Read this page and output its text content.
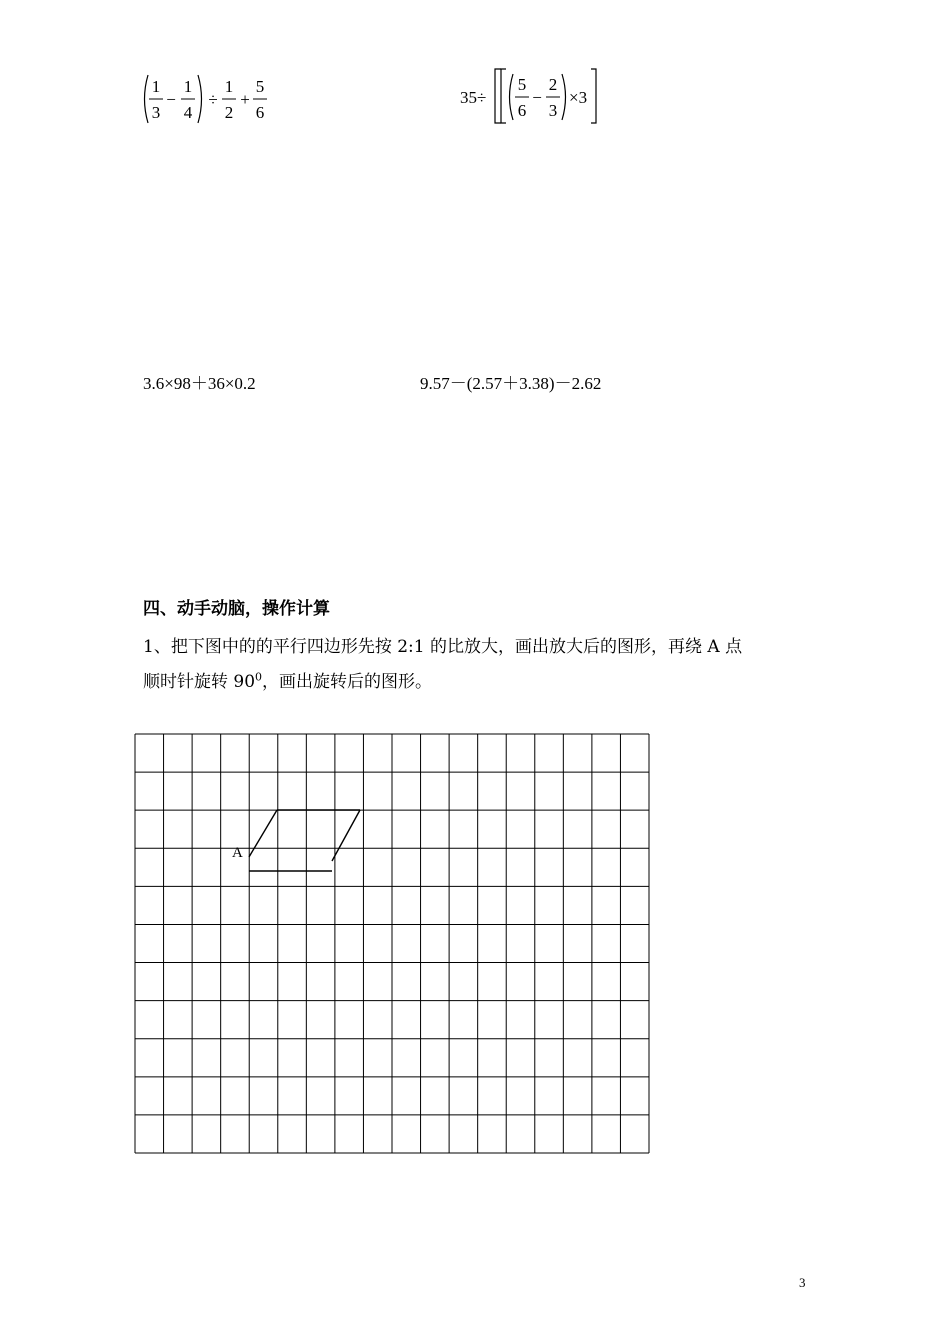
1
3
−
1
4
÷
1
2
+
5
6
35÷
5
6
−
2
3
×3
3.6×98＋36×0.2	9.57－(2.57＋3.38)－2.62
四、动手动脑，操作计算
1、把下图中的的平行四边形先按 2:1 的比放大，画出放大后的图形，再绕 A 点
顺时针旋转 $90^0$，画出旋转后的图形。
A
3
